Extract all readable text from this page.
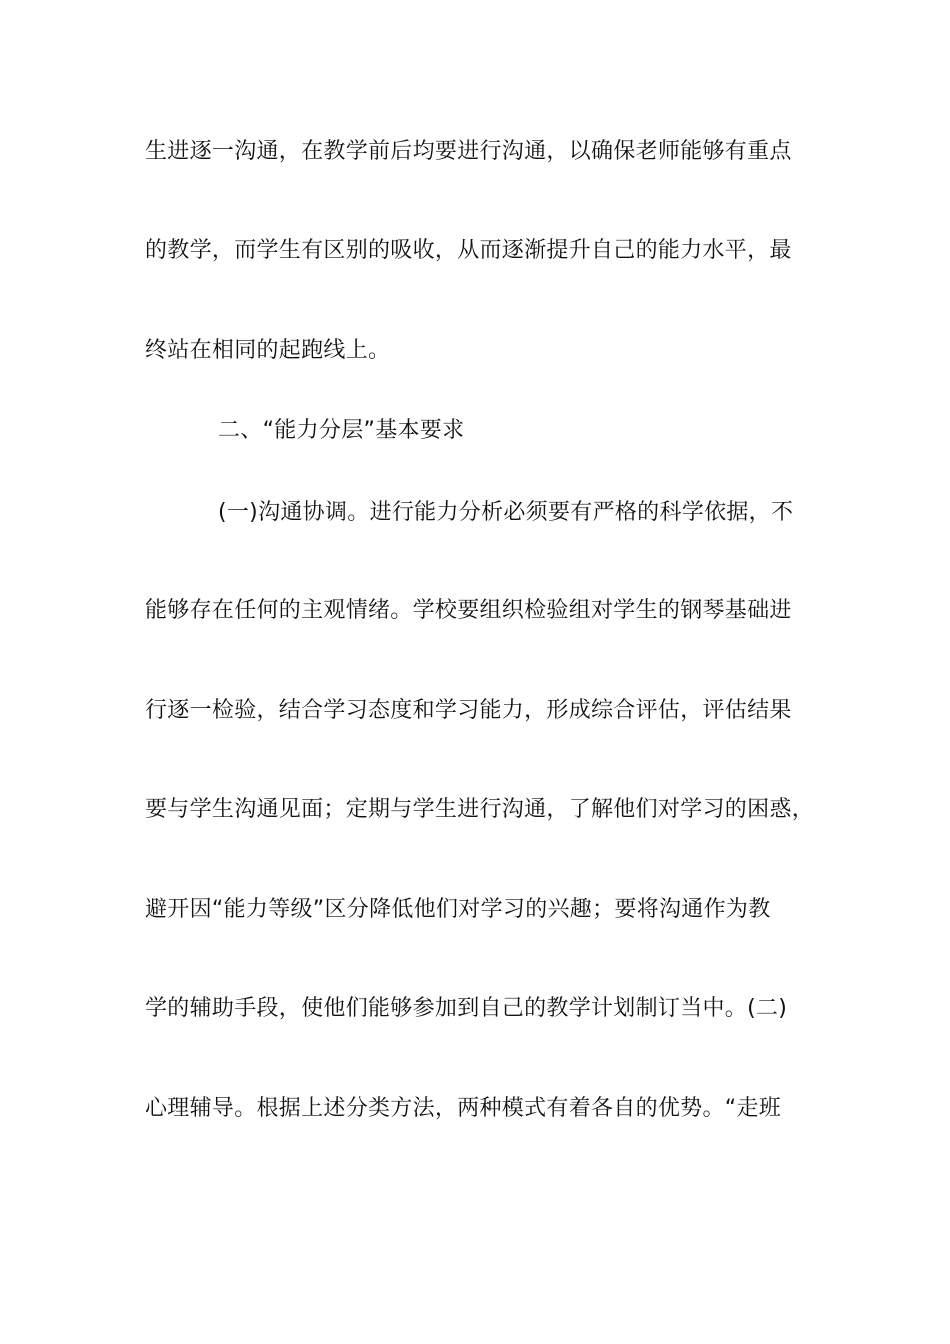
生进逐一沟通，在教学前后均要进行沟通，以确保老师能够有重点
的教学，而学生有区别的吸收，从而逐渐提升自己的能力水平，最
终站在相同的起跑线上。
二、“能力分层”基本要求
(一)沟通协调。进行能力分析必须要有严格的科学依据，不
能够存在任何的主观情绪。学校要组织检验组对学生的钢琴基础进
行逐一检验，结合学习态度和学习能力，形成综合评估，评估结果
要与学生沟通见面；定期与学生进行沟通，了解他们对学习的困惑，
避开因“能力等级”区分降低他们对学习的兴趣；要将沟通作为教
学的辅助手段，使他们能够参加到自己的教学计划制订当中。(二)
心理辅导。根据上述分类方法，两种模式有着各自的优势。“走班
